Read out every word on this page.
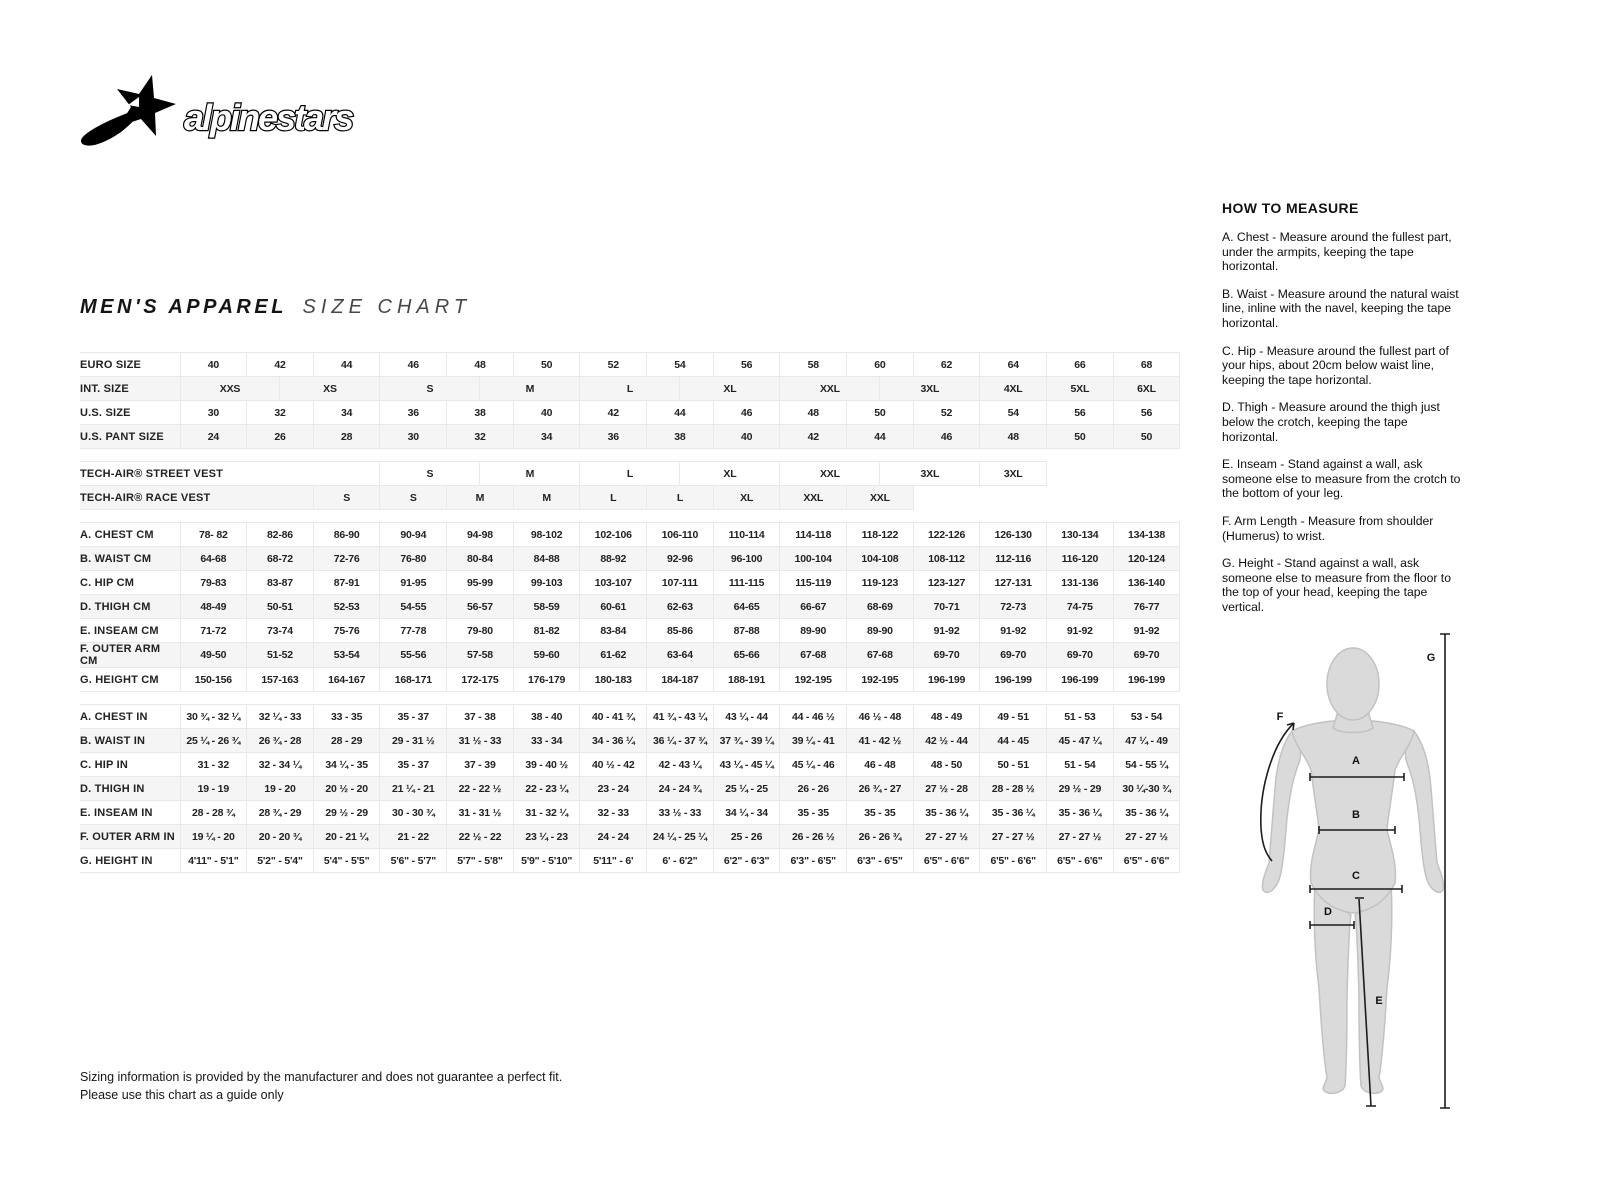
alpinestars
MEN'S APPAREL SIZE CHART
EURO SIZE	40	42		44	46	48		50	52	54		56	58	60		62	64	66	68
INT. SIZE	XXS		XS		S		M		L		XL		XXL		3XL		4XL	5XL	6XL
U.S. SIZE	30	32		34	36	38		40	42	44		46	48	50		52	54	56	56
U.S. PANT SIZE	24	26		28	30	32		34	36	38		40	42	44		46	48	50	50

TECH-AIR® STREET VEST					S		M		L		XL		XXL		3XL		3XL		
TECH-AIR® RACE VEST				S	S	M		M	L	L		XL	XXL	XXL					

A. CHEST CM	78- 82	82-86		86-90	90-94	94-98		98-102	102-106	106-110		110-114	114-118	118-122		122-126	126-130	130-134	134-138
B. WAIST CM	64-68	68-72		72-76	76-80	80-84		84-88	88-92	92-96		96-100	100-104	104-108		108-112	112-116	116-120	120-124
C. HIP CM	79-83	83-87		87-91	91-95	95-99		99-103	103-107	107-111		111-115	115-119	119-123		123-127	127-131	131-136	136-140
D. THIGH CM	48-49	50-51		52-53	54-55	56-57		58-59	60-61	62-63		64-65	66-67	68-69		70-71	72-73	74-75	76-77
E. INSEAM CM	71-72	73-74		75-76	77-78	79-80		81-82	83-84	85-86		87-88	89-90	89-90		91-92	91-92	91-92	91-92
F. OUTER ARM CM	49-50	51-52		53-54	55-56	57-58		59-60	61-62	63-64		65-66	67-68	67-68		69-70	69-70	69-70	69-70
G. HEIGHT CM	150-156	157-163		164-167	168-171	172-175		176-179	180-183	184-187		188-191	192-195	192-195		196-199	196-199	196-199	196-199

A. CHEST IN	30 ¾ - 32 ¼	32 ¼ - 33		33 - 35	35 - 37	37 - 38		38 - 40	40 - 41 ¾	41 ¾ - 43 ¼		43 ¼ - 44	44 - 46 ½	46 ½ - 48		48 - 49	49 - 51	51 - 53	53 - 54
B. WAIST IN	25 ¼ - 26 ¾	26 ¾ - 28		28 - 29	29 - 31 ½	31 ½ - 33		33 - 34	34 - 36 ¼	36 ¼ - 37 ¾		37 ¾ - 39 ¼	39 ¼ - 41	41 - 42 ½		42 ½ - 44	44 - 45	45 - 47 ¼	47 ¼ - 49
C. HIP IN	31 - 32	32 - 34 ¼		34 ¼ - 35	35 - 37	37 - 39		39 - 40 ½	40 ½ - 42	42 - 43 ¼		43 ¼ - 45 ¼	45 ¼ - 46	46 - 48		48 - 50	50 - 51	51 - 54	54 - 55 ¼
D. THIGH IN	19 - 19	19 - 20		20 ½ - 20	21 ¼ - 21	22 - 22 ½		22 - 23 ¼	23 - 24	24 - 24 ¾		25 ¼ - 25	26 - 26	26 ¾ - 27		27 ½ - 28	28 - 28 ½	29 ½ - 29	30 ¼-30 ¾
E. INSEAM IN	28 - 28 ¾	28 ¾ - 29		29 ½ - 29	30 - 30 ¾	31 - 31 ½		31 - 32 ¼	32 - 33	33 ½ - 33		34 ¼ - 34	35 - 35	35 - 35		35 - 36 ¼	35 - 36 ¼	35 - 36 ¼	35 - 36 ¼
F. OUTER ARM IN	19 ¼ - 20	20 - 20 ¾		20 - 21 ¼	21 - 22	22 ½ - 22		23 ¼ - 23	24 - 24	24 ¼ - 25 ¼		25 - 26	26 - 26 ½	26 - 26 ¾		27 - 27 ½	27 - 27 ½	27 - 27 ½	27 - 27 ½
G. HEIGHT IN	4'11" - 5'1"	5'2" - 5'4"		5'4" - 5'5"	5'6" - 5'7"	5'7" - 5'8"		5'9" - 5'10"	5'11" - 6'	6' - 6'2"		6'2" - 6'3"	6'3" - 6'5"	6'3" - 6'5"		6'5" - 6'6"	6'5" - 6'6"	6'5" - 6'6"	6'5" - 6'6"
HOW TO MEASURE

A. Chest - Measure around the fullest part, under the armpits, keeping the tape horizontal.

B. Waist - Measure around the natural waist line, inline with the navel, keeping the tape horizontal.

C. Hip - Measure around the fullest part of your hips, about 20cm below waist line, keeping the tape horizontal.

D. Thigh - Measure around the thigh just below the crotch, keeping the tape horizontal.

E. Inseam - Stand against a wall, ask someone else to measure from the crotch to the bottom of your leg.

F. Arm Length - Measure from shoulder (Humerus) to wrist.

G. Height - Stand against a wall, ask someone else to measure from the floor to the top of your head, keeping the tape vertical.

A
B
C
D
E
F
G
Sizing information is provided by the manufacturer and does not guarantee a perfect fit.
Please use this chart as a guide only
